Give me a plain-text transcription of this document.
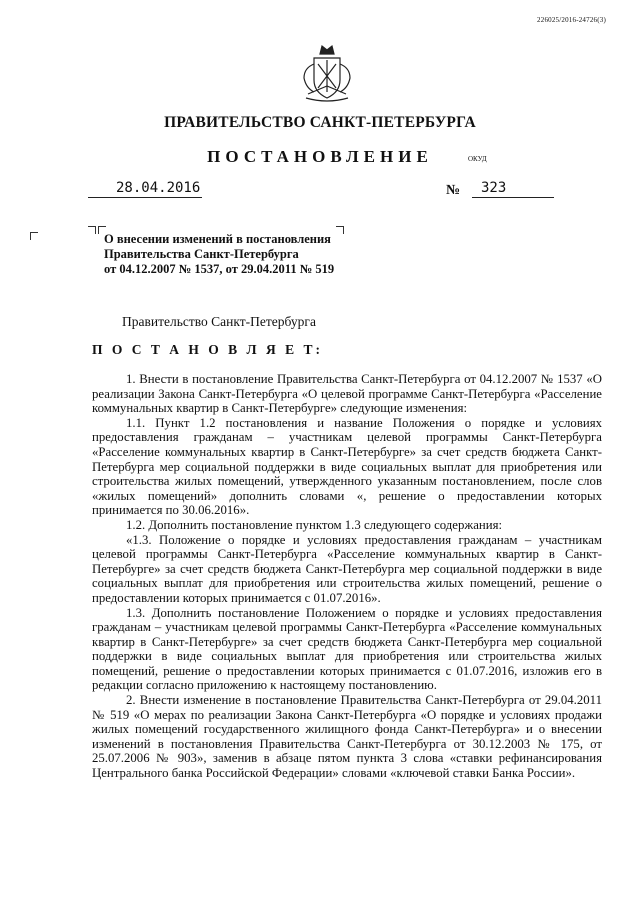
226025/2016-24726(3)
ПРАВИТЕЛЬСТВО САНКТ-ПЕТЕРБУРГА
ПОСТАНОВЛЕНИЕ	ОКУД
28.04.2016	№ 323
О внесении изменений в постановления
Правительства Санкт-Петербурга
от 04.12.2007 № 1537, от 29.04.2011 № 519
Правительство Санкт-Петербурга
П О С Т А Н О В Л Я Е Т:

1. Внести в постановление Правительства Санкт-Петербурга от 04.12.2007 № 1537 «О реализации Закона Санкт-Петербурга «О целевой программе Санкт-Петербурга «Расселение коммунальных квартир в Санкт-Петербурге» следующие изменения:

1.1. Пункт 1.2 постановления и название Положения о порядке и условиях предоставления гражданам – участникам целевой программы Санкт-Петербурга «Расселение коммунальных квартир в Санкт-Петербурге» за счет средств бюджета Санкт-Петербурга мер социальной поддержки в виде социальных выплат для приобретения или строительства жилых помещений, утвержденного указанным постановлением, после слов «жилых помещений» дополнить словами «, решение о предоставлении которых принимается по 30.06.2016».

1.2. Дополнить постановление пунктом 1.3 следующего содержания:

«1.3. Положение о порядке и условиях предоставления гражданам – участникам целевой программы Санкт-Петербурга «Расселение коммунальных квартир в Санкт-Петербурге» за счет средств бюджета Санкт-Петербурга мер социальной поддержки в виде социальных выплат для приобретения или строительства жилых помещений, решение о предоставлении которых принимается с 01.07.2016».

1.3. Дополнить постановление Положением о порядке и условиях предоставления гражданам – участникам целевой программы Санкт-Петербурга «Расселение коммунальных квартир в Санкт-Петербурге» за счет средств бюджета Санкт-Петербурга мер социальной поддержки в виде социальных выплат для приобретения или строительства жилых помещений, решение о предоставлении которых принимается с 01.07.2016, изложив его в редакции согласно приложению к настоящему постановлению.

2. Внести изменение в постановление Правительства Санкт-Петербурга от 29.04.2011 № 519 «О мерах по реализации Закона Санкт-Петербурга «О порядке и условиях продажи жилых помещений государственного жилищного фонда Санкт-Петербурга» и о внесении изменений в постановления Правительства Санкт-Петербурга от 30.12.2003 № 175, от 25.07.2006 № 903», заменив в абзаце пятом пункта 3 слова «ставки рефинансирования Центрального банка Российской Федерации» словами «ключевой ставки Банка России».
